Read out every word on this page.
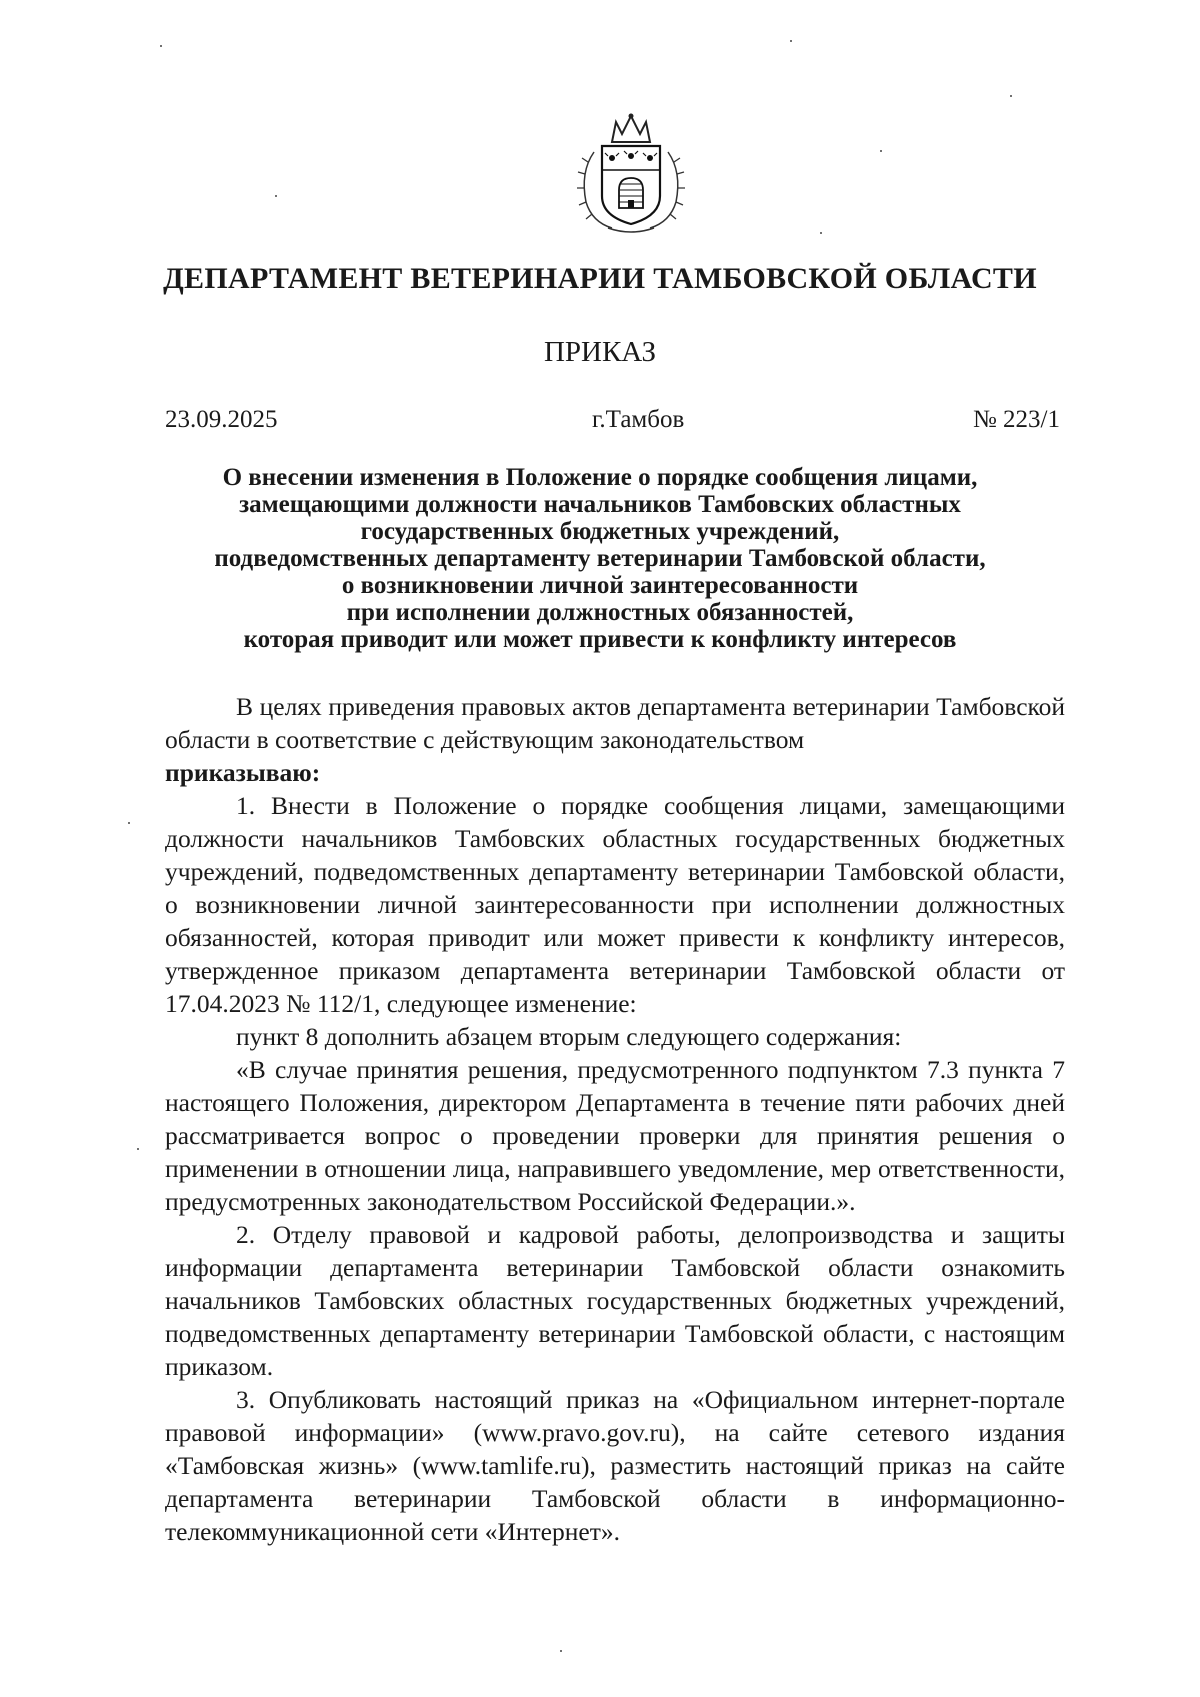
ДЕПАРТАМЕНТ ВЕТЕРИНАРИИ ТАМБОВСКОЙ ОБЛАСТИ
ПРИКАЗ
23.09.2025	г.Тамбов	№ 223/1
О внесении изменения в Положение о порядке сообщения лицами,
замещающими должности начальников Тамбовских областных
государственных бюджетных учреждений,
подведомственных департаменту ветеринарии Тамбовской области,
о возникновении личной заинтересованности
при исполнении должностных обязанностей,
которая приводит или может привести к конфликту интересов

В целях приведения правовых актов департамента ветеринарии Тамбовской области в соответствие с действующим законодательством

приказываю:

1. Внести в Положение о порядке сообщения лицами, замещающими должности начальников Тамбовских областных государственных бюджетных учреждений, подведомственных департаменту ветеринарии Тамбовской области, о возникновении личной заинтересованности при исполнении должностных обязанностей, которая приводит или может привести к конфликту интересов, утвержденное приказом департамента ветеринарии Тамбовской области от 17.04.2023 № 112/1, следующее изменение:

пункт 8 дополнить абзацем вторым следующего содержания:

«В случае принятия решения, предусмотренного подпунктом 7.3 пункта 7 настоящего Положения, директором Департамента в течение пяти рабочих дней рассматривается вопрос о проведении проверки для принятия решения о применении в отношении лица, направившего уведомление, мер ответственности, предусмотренных законодательством Российской Федерации.».

2. Отделу правовой и кадровой работы, делопроизводства и защиты информации департамента ветеринарии Тамбовской области ознакомить начальников Тамбовских областных государственных бюджетных учреждений, подведомственных департаменту ветеринарии Тамбовской области, с настоящим приказом.

3. Опубликовать настоящий приказ на «Официальном интернет-портале правовой информации» (www.pravo.gov.ru), на сайте сетевого издания «Тамбовская жизнь» (www.tamlife.ru), разместить настоящий приказ на сайте департамента ветеринарии Тамбовской области в информационно-телекоммуникационной сети «Интернет».
